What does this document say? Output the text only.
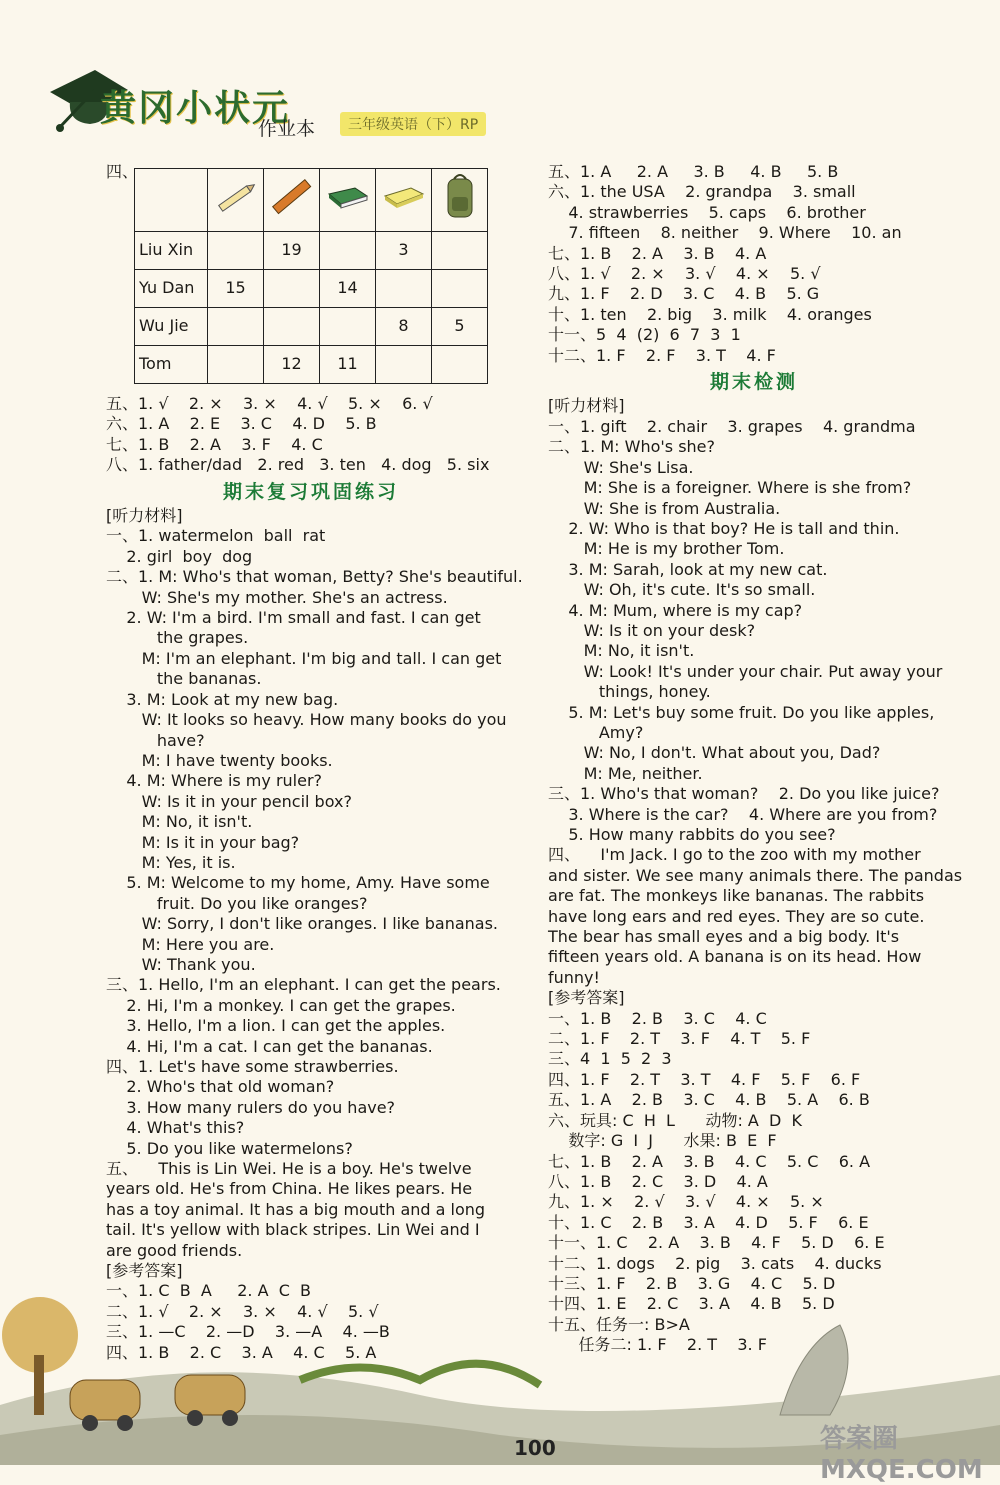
黄冈小状元
作业本	三年级英语（下）RP
四、

Liu Xin		19		3	
Yu Dan	15		14		
Wu Jie				8	5
Tom		12	11		
五、1. √    2. ×    3. ×    4. √    5. ×    6. √
六、1. A    2. E    3. C    4. D    5. B
七、1. B    2. A    3. F    4. C
八、1. father/dad   2. red   3. ten   4. dog   5. six
期末复习巩固练习
[听力材料]
一、1. watermelon  ball  rat
2. girl  boy  dog
二、1. M: Who's that woman, Betty? She's beautiful.
W: She's my mother. She's an actress.
2. W: I'm a bird. I'm small and fast. I can get
the grapes.
M: I'm an elephant. I'm big and tall. I can get
the bananas.
3. M: Look at my new bag.
W: It looks so heavy. How many books do you
have?
M: I have twenty books.
4. M: Where is my ruler?
W: Is it in your pencil box?
M: No, it isn't.
M: Is it in your bag?
M: Yes, it is.
5. M: Welcome to my home, Amy. Have some
fruit. Do you like oranges?
W: Sorry, I don't like oranges. I like bananas.
M: Here you are.
W: Thank you.
三、1. Hello, I'm an elephant. I can get the pears.
2. Hi, I'm a monkey. I can get the grapes.
3. Hello, I'm a lion. I can get the apples.
4. Hi, I'm a cat. I can get the bananas.
四、1. Let's have some strawberries.
2. Who's that old woman?
3. How many rulers do you have?
4. What's this?
5. Do you like watermelons?
五、    This is Lin Wei. He is a boy. He's twelve
years old. He's from China. He likes pears. He
has a toy animal. It has a big mouth and a long
tail. It's yellow with black stripes. Lin Wei and I
are good friends.
[参考答案]
一、1. C  B  A     2. A  C  B
二、1. √    2. ×    3. ×    4. √    5. √
三、1. —C    2. —D    3. —A    4. —B
四、1. B    2. C    3. A    4. C    5. A
五、1. A     2. A     3. B     4. B     5. B
六、1. the USA    2. grandpa    3. small
4. strawberries    5. caps    6. brother
7. fifteen    8. neither    9. Where    10. an
七、1. B    2. A    3. B    4. A
八、1. √    2. ×    3. √    4. ×    5. √
九、1. F    2. D    3. C    4. B    5. G
十、1. ten    2. big    3. milk    4. oranges
十一、5  4  (2)  6  7  3  1
十二、1. F    2. F    3. T    4. F
期末检测
[听力材料]
一、1. gift    2. chair    3. grapes    4. grandma
二、1. M: Who's she?
W: She's Lisa.
M: She is a foreigner. Where is she from?
W: She is from Australia.
2. W: Who is that boy? He is tall and thin.
M: He is my brother Tom.
3. M: Sarah, look at my new cat.
W: Oh, it's cute. It's so small.
4. M: Mum, where is my cap?
W: Is it on your desk?
M: No, it isn't.
W: Look! It's under your chair. Put away your
things, honey.
5. M: Let's buy some fruit. Do you like apples,
Amy?
W: No, I don't. What about you, Dad?
M: Me, neither.
三、1. Who's that woman?    2. Do you like juice?
3. Where is the car?    4. Where are you from?
5. How many rabbits do you see?
四、    I'm Jack. I go to the zoo with my mother
and sister. We see many animals there. The pandas
are fat. The monkeys like bananas. The rabbits
have long ears and red eyes. They are so cute.
The bear has small eyes and a big body. It's
fifteen years old. A banana is on its head. How
funny!
[参考答案]
一、1. B    2. B    3. C    4. C
二、1. F    2. T    3. F    4. T    5. F
三、4  1  5  2  3
四、1. F    2. T    3. T    4. F    5. F    6. F
五、1. A    2. B    3. C    4. B    5. A    6. B
六、玩具: C  H  L      动物: A  D  K
数字: G  I  J      水果: B  E  F
七、1. B    2. A    3. B    4. C    5. C    6. A
八、1. B    2. C    3. D    4. A
九、1. ×    2. √    3. √    4. ×    5. ×
十、1. C    2. B    3. A    4. D    5. F    6. E
十一、1. C    2. A    3. B    4. F    5. D    6. E
十二、1. dogs    2. pig    3. cats    4. ducks
十三、1. F    2. B    3. G    4. C    5. D
十四、1. E    2. C    3. A    4. B    5. D
十五、任务一: B>A
任务二: 1. F    2. T    3. F
100	答案圈 MXQE.COM
